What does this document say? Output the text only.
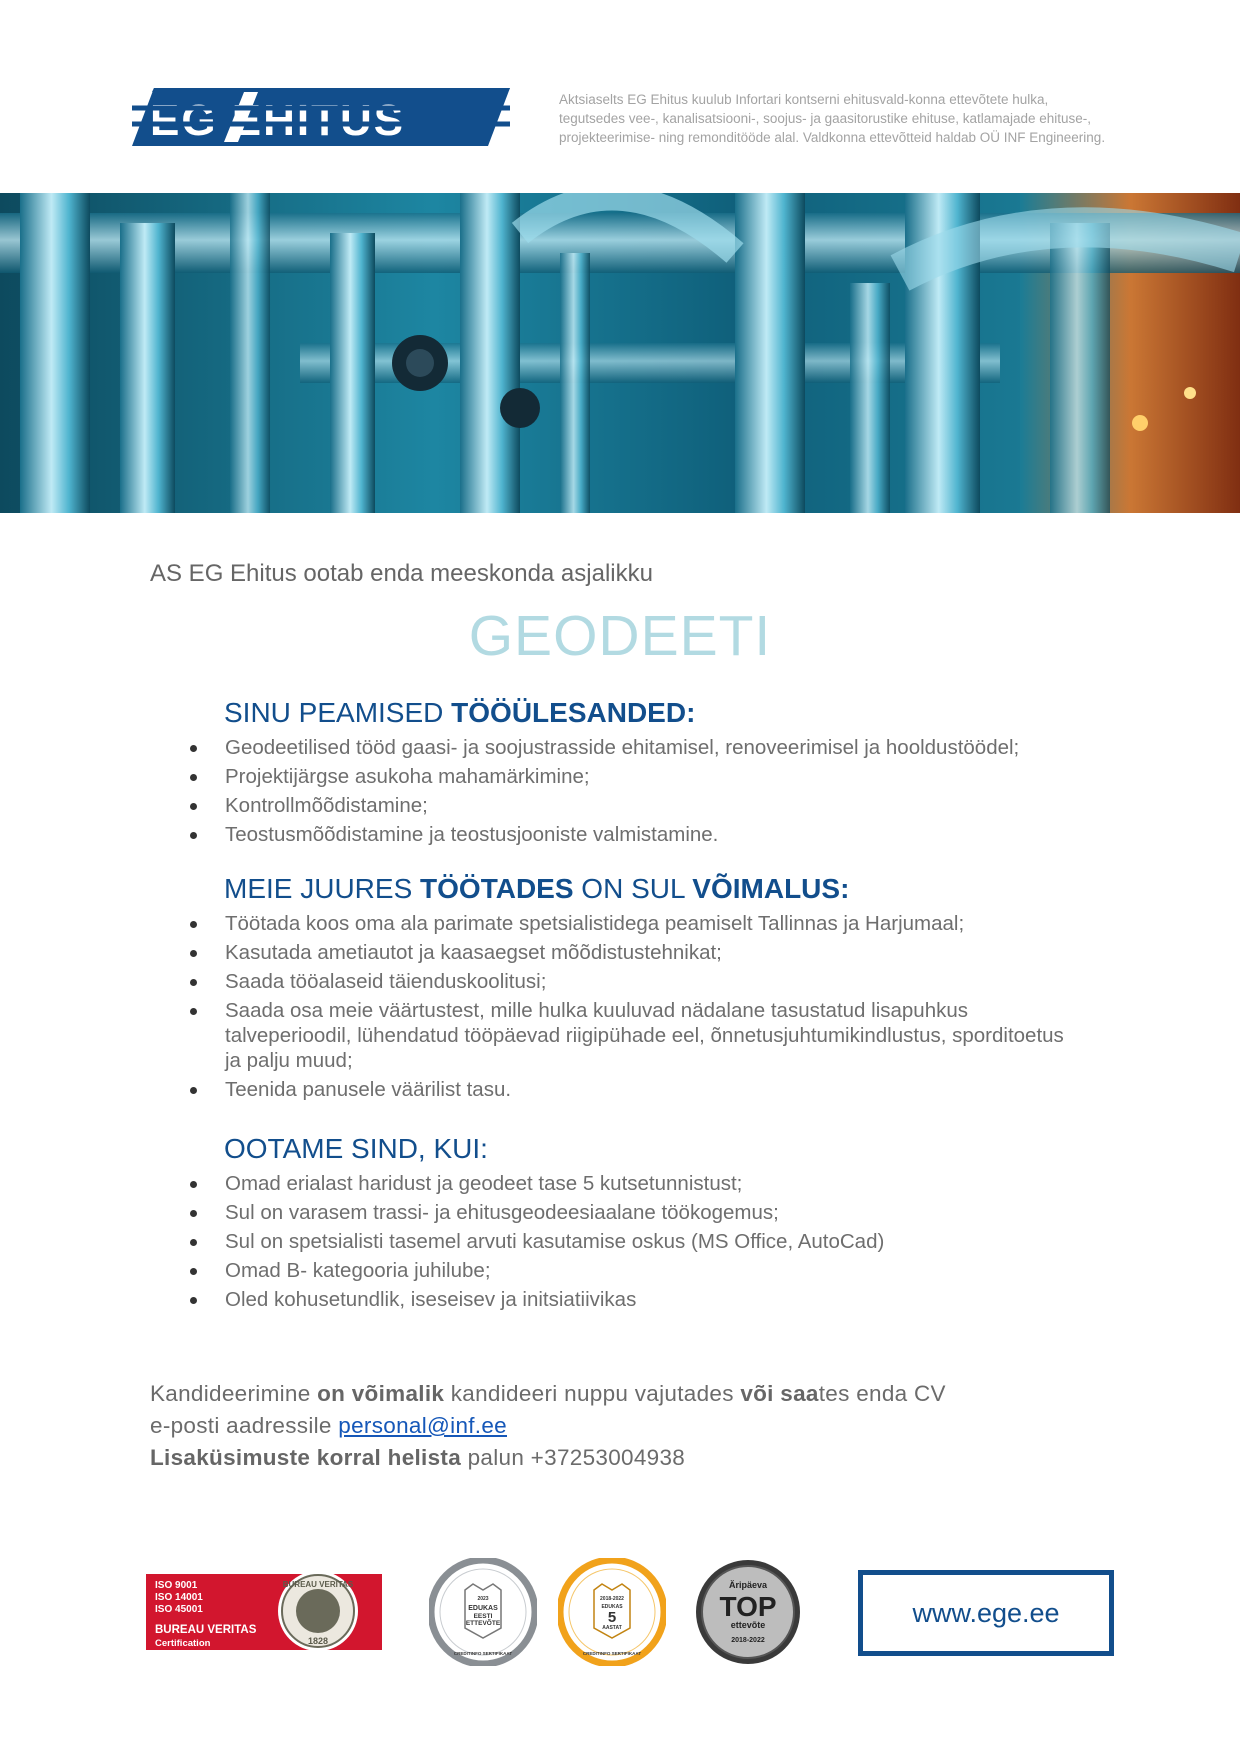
EG EHITUS	Aktsiaselts EG Ehitus kuulub Infortari kontserni ehitusvald-konna ettevõtete hulka,
tegutsedes vee-, kanalisatsiooni-, soojus- ja gaasitorustike ehituse, katlamajade ehituse-,
projekteerimise- ning remonditööde alal. Valdkonna ettevõtteid haldab OÜ INF Engineering.
AS EG Ehitus ootab enda meeskonda asjalikku
GEODEETI
SINU PEAMISED TÖÖÜLESANDED:
Geodeetilised tööd gaasi- ja soojustrasside ehitamisel, renoveerimisel ja hooldustöödel;
Projektijärgse asukoha mahamärkimine;
Kontrollmõõdistamine;
Teostusmõõdistamine ja teostusjooniste valmistamine.
MEIE JUURES TÖÖTADES ON SUL VÕIMALUS:
Töötada koos oma ala parimate spetsialistidega peamiselt Tallinnas ja Harjumaal;
Kasutada ametiautot ja kaasaegset mõõdistustehnikat;
Saada tööalaseid täienduskoolitusi;
Saada osa meie väärtustest, mille hulka kuuluvad nädalane tasustatud lisapuhkus talveperioodil, lühendatud tööpäevad riigipühade eel, õnnetusjuhtumikindlustus, sporditoetus ja palju muud;
Teenida panusele väärilist tasu.
OOTAME SIND, KUI:
Omad erialast haridust ja geodeet tase 5 kutsetunnistust;
Sul on varasem trassi- ja ehitusgeodeesiaalane töökogemus;
Sul on spetsialisti tasemel arvuti kasutamise oskus (MS Office, AutoCad)
Omad B- kategooria juhilube;
Oled kohusetundlik, iseseisev ja initsiatiivikas
Kandideerimine on võimalik kandideeri nuppu vajutades või saates enda CV
e-posti aadressile personal@inf.ee
Lisaküsimuste korral helista palun +37253004938
ISO 9001
ISO 14001
ISO 45001
BUREAU VERITAS
Certification
BUREAU VERITAS
1828
2023
EDUKAS
EESTI
ETTEVÕTE
CREDITINFO SERTIFIKAAT
2018-2022
EDUKAS
5
AASTAT
CREDITINFO SERTIFIKAAT
Äripäeva
TOP
ettevõte
2018-2022
www.ege.ee
